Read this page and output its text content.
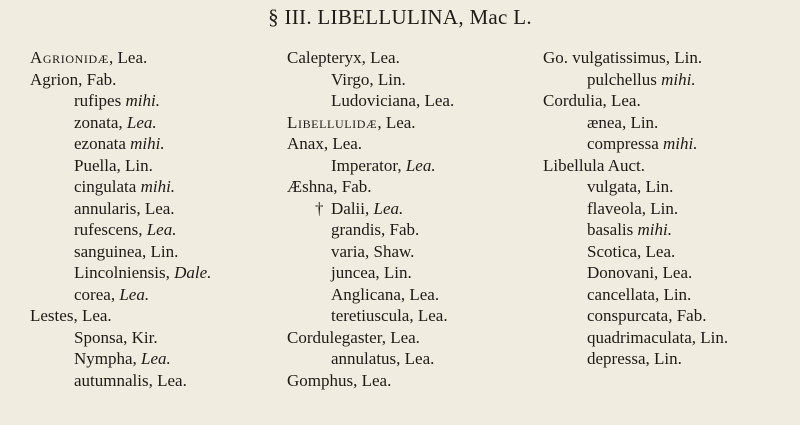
§ III. LIBELLULINA, Mac L.
Agrionidæ, Lea.
Agrion, Fab.
rufipes mihi.
zonata, Lea.
ezonata mihi.
Puella, Lin.
cingulata mihi.
annularis, Lea.
rufescens, Lea.
sanguinea, Lin.
Lincolniensis, Dale.
corea, Lea.
Lestes, Lea.
Sponsa, Kir.
Nympha, Lea.
autumnalis, Lea.
Calepteryx, Lea.
Virgo, Lin.
Ludoviciana, Lea.
Libellulidæ, Lea.
Anax, Lea.
Imperator, Lea.
Æshna, Fab.
† Dalii, Lea.
grandis, Fab.
varia, Shaw.
juncea, Lin.
Anglicana, Lea.
teretiuscula, Lea.
Cordulegaster, Lea.
annulatus, Lea.
Gomphus, Lea.
Go. vulgatissimus, Lin.
pulchellus mihi.
Cordulia, Lea.
ænea, Lin.
compressa mihi.
Libellula Auct.
vulgata, Lin.
flaveola, Lin.
basalis mihi.
Scotica, Lea.
Donovani, Lea.
cancellata, Lin.
conspurcata, Fab.
quadrimaculata, Lin.
depressa, Lin.
